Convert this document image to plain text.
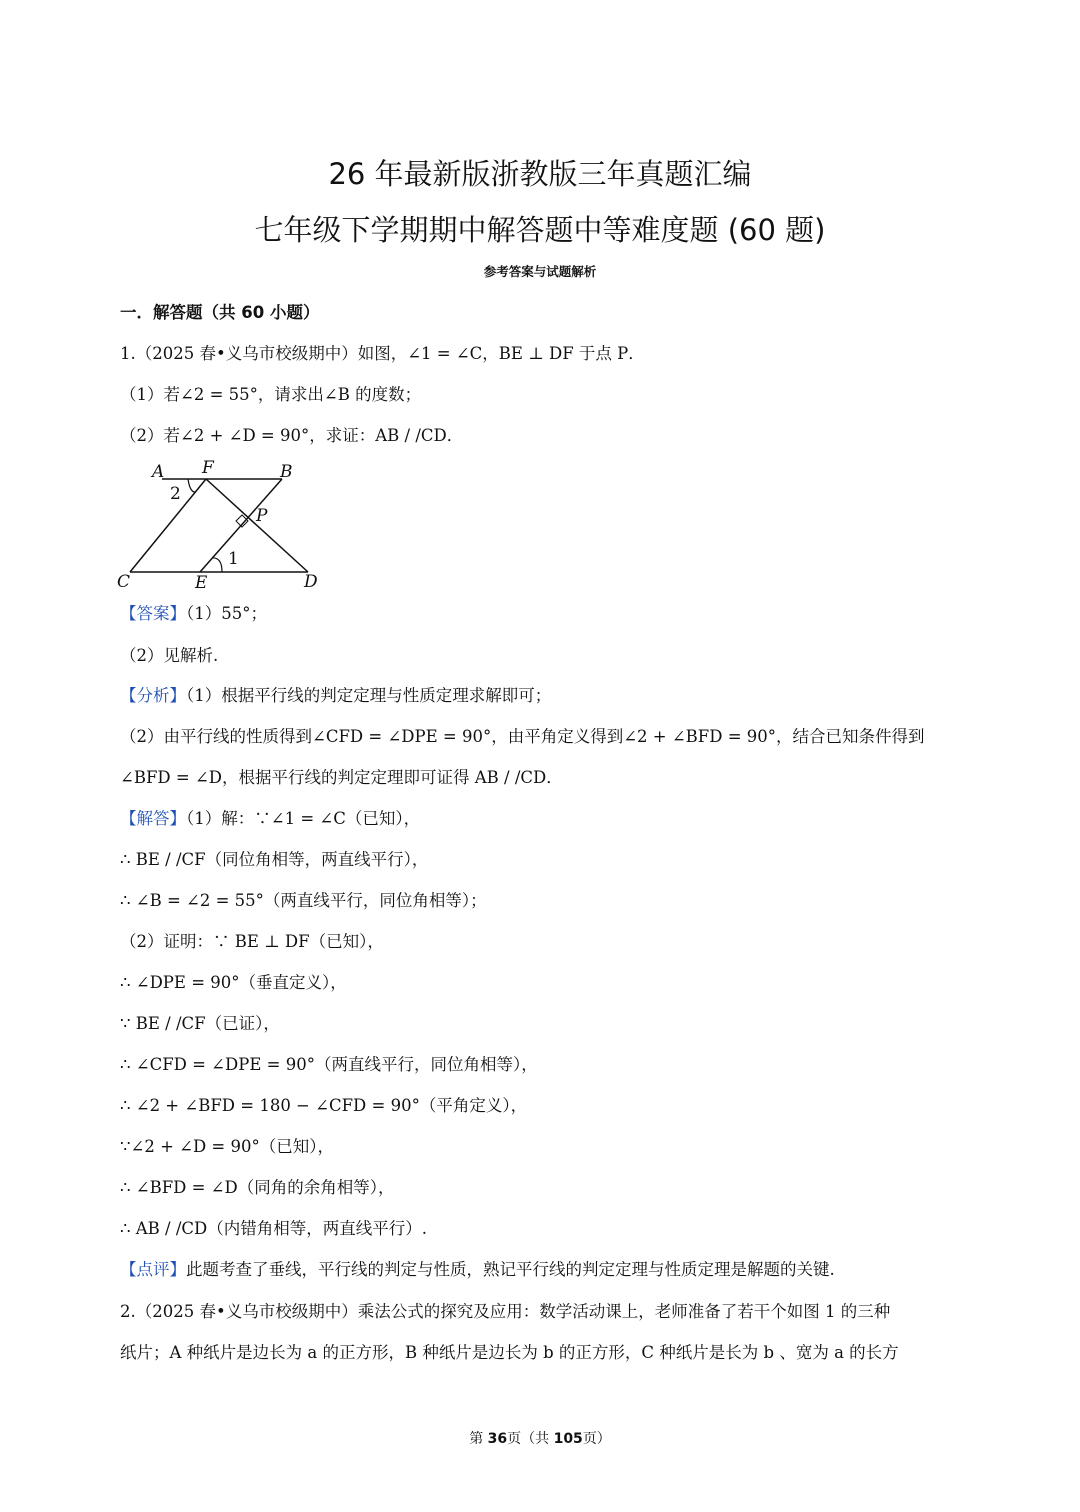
26 年最新版浙教版三年真题汇编
七年级下学期期中解答题中等难度题 (60 题)
参考答案与试题解析
一．解答题（共 60 小题）
1.（2025 春•义乌市校级期中）如图，∠1 = ∠C，BE ⊥ DF 于点 P．
（1）若∠2 = 55°，请求出∠B 的度数；
（2）若∠2 + ∠D = 90°，求证：AB / /CD．
A F	B
2
P
1
C	E	D
【答案】（1）55°；
（2）见解析.
【分析】（1）根据平行线的判定定理与性质定理求解即可；
（2）由平行线的性质得到∠CFD = ∠DPE = 90°，由平角定义得到∠2 + ∠BFD = 90°，结合已知条件得到
∠BFD = ∠D，根据平行线的判定定理即可证得 AB / /CD．
【解答】（1）解：∵∠1 = ∠C（已知），
∴ BE / /CF（同位角相等，两直线平行），
∴ ∠B = ∠2 = 55°（两直线平行，同位角相等）；
（2）证明：∵ BE ⊥ DF（已知），
∴ ∠DPE = 90°（垂直定义），
∵ BE / /CF（已证），
∴ ∠CFD = ∠DPE = 90°（两直线平行，同位角相等），
∴ ∠2 + ∠BFD = 180 − ∠CFD = 90°（平角定义），
∵∠2 + ∠D = 90°（已知），
∴ ∠BFD = ∠D（同角的余角相等），
∴ AB / /CD（内错角相等，两直线平行）.
【点评】此题考查了垂线，平行线的判定与性质，熟记平行线的判定定理与性质定理是解题的关键.
2.（2025 春•义乌市校级期中）乘法公式的探究及应用：数学活动课上，老师准备了若干个如图 1 的三种
纸片；A 种纸片是边长为 a 的正方形，B 种纸片是边长为 b 的正方形，C 种纸片是长为 b 、宽为 a 的长方
第 36页（共 105页）
